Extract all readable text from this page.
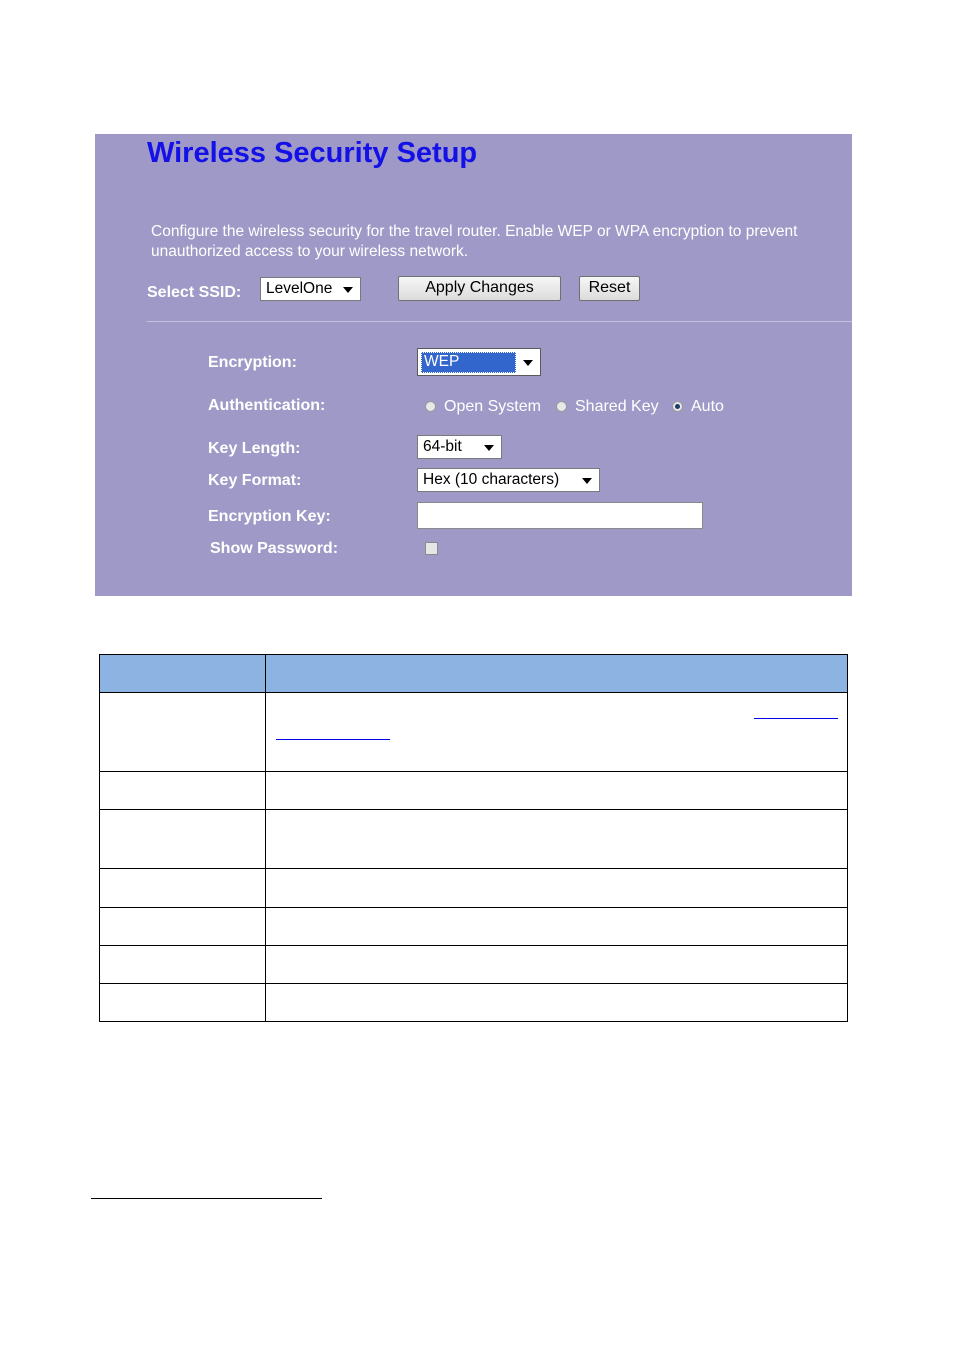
Wireless Security Setup
Configure the wireless security for the travel router. Enable WEP or WPA encryption to prevent unauthorized access to your wireless network.
Select SSID: LevelOne	Apply Changes	Reset
Encryption:	WEP
Authentication:	Open System Shared Key Auto
Key Length:	64-bit
Key Format:	Hex (10 characters)
Encryption Key:
Show Password:
